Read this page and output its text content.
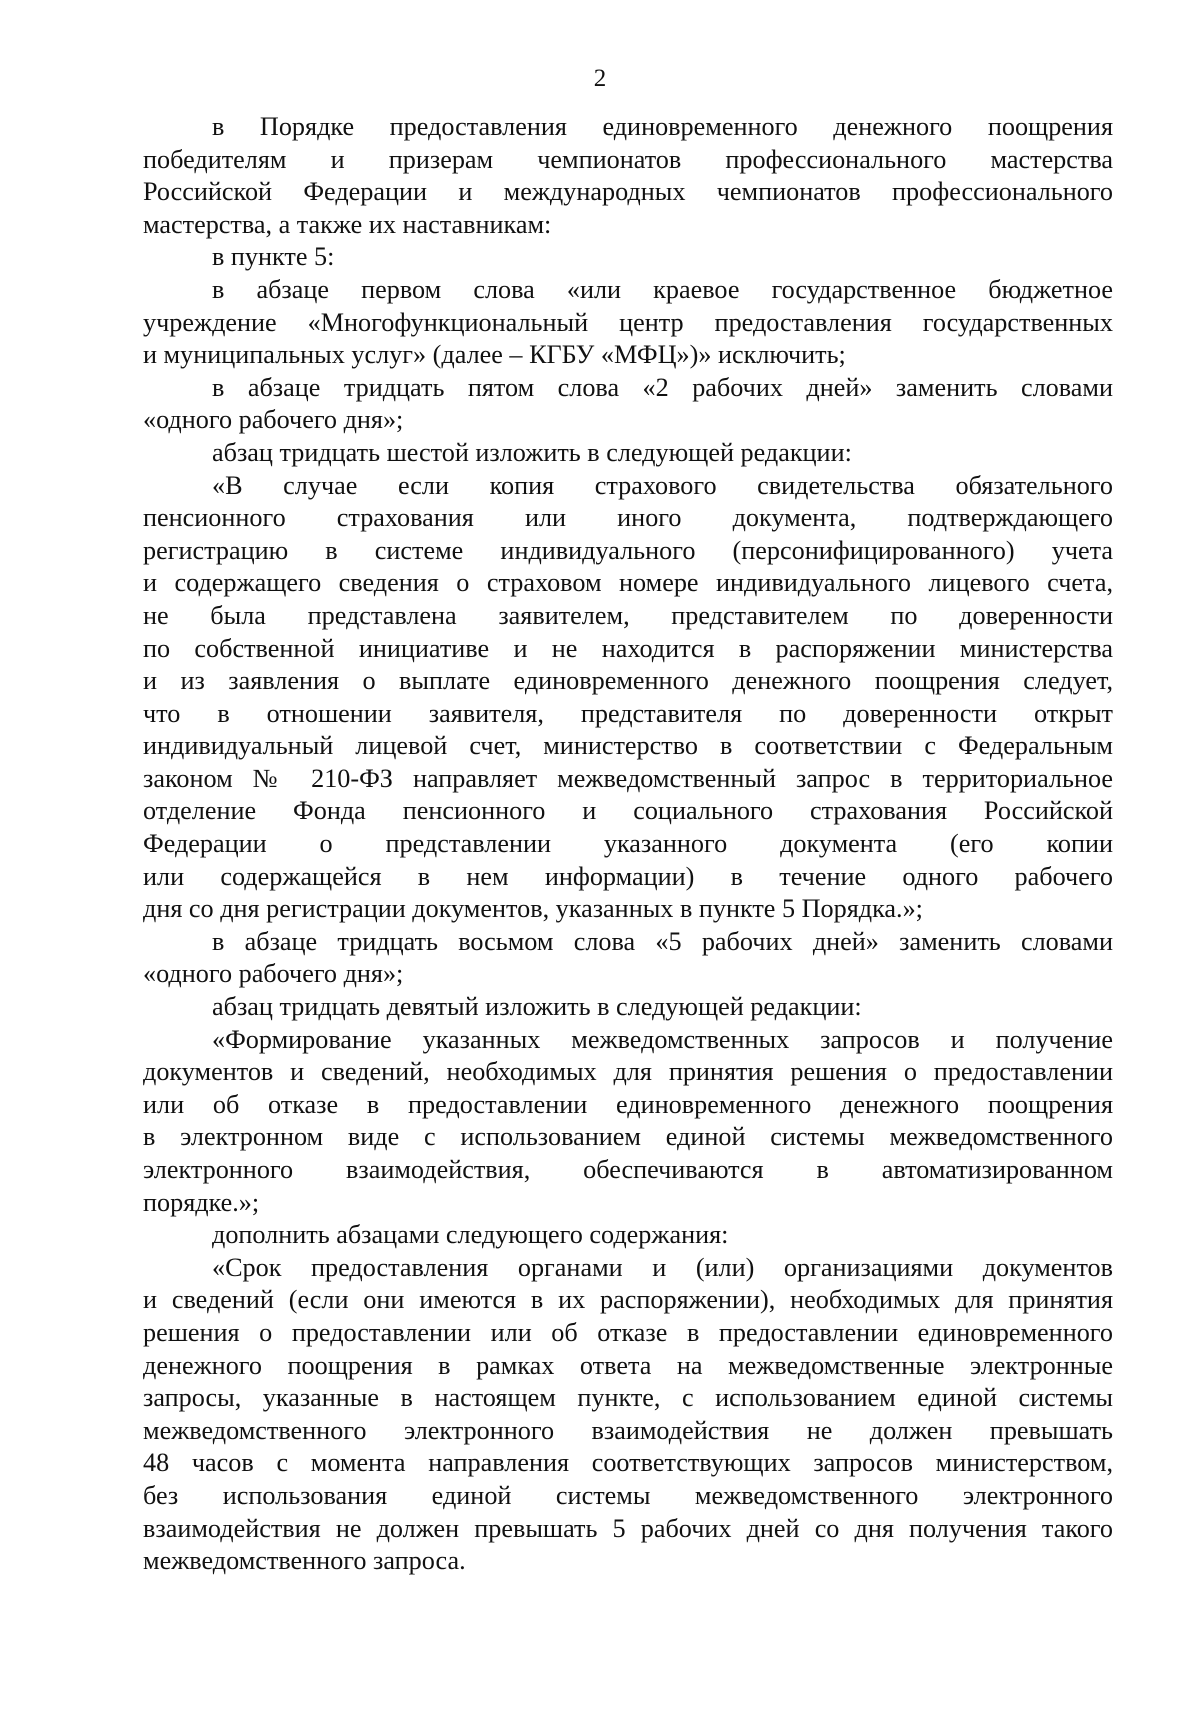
2
в Порядке предоставления единовременного денежного поощрения
победителям и призерам чемпионатов профессионального мастерства
Российской Федерации и международных чемпионатов профессионального
мастерства, а также их наставникам:
в пункте 5:
в абзаце первом слова «или краевое государственное бюджетное
учреждение «Многофункциональный центр предоставления государственных
и муниципальных услуг» (далее – КГБУ «МФЦ»)» исключить;
в абзаце тридцать пятом слова «2 рабочих дней» заменить словами
«одного рабочего дня»;
абзац тридцать шестой изложить в следующей редакции:
«В случае если копия страхового свидетельства обязательного
пенсионного страхования или иного документа, подтверждающего
регистрацию в системе индивидуального (персонифицированного) учета
и содержащего сведения о страховом номере индивидуального лицевого счета,
не была представлена заявителем, представителем по доверенности
по собственной инициативе и не находится в распоряжении министерства
и из заявления о выплате единовременного денежного поощрения следует,
что в отношении заявителя, представителя по доверенности открыт
индивидуальный лицевой счет, министерство в соответствии с Федеральным
законом № 210-ФЗ направляет межведомственный запрос в территориальное
отделение Фонда пенсионного и социального страхования Российской
Федерации о представлении указанного документа (его копии
или содержащейся в нем информации) в течение одного рабочего
дня со дня регистрации документов, указанных в пункте 5 Порядка.»;
в абзаце тридцать восьмом слова «5 рабочих дней» заменить словами
«одного рабочего дня»;
абзац тридцать девятый изложить в следующей редакции:
«Формирование указанных межведомственных запросов и получение
документов и сведений, необходимых для принятия решения о предоставлении
или об отказе в предоставлении единовременного денежного поощрения
в электронном виде с использованием единой системы межведомственного
электронного взаимодействия, обеспечиваются в автоматизированном
порядке.»;
дополнить абзацами следующего содержания:
«Срок предоставления органами и (или) организациями документов
и сведений (если они имеются в их распоряжении), необходимых для принятия
решения о предоставлении или об отказе в предоставлении единовременного
денежного поощрения в рамках ответа на межведомственные электронные
запросы, указанные в настоящем пункте, с использованием единой системы
межведомственного электронного взаимодействия не должен превышать
48 часов с момента направления соответствующих запросов министерством,
без использования единой системы межведомственного электронного
взаимодействия не должен превышать 5 рабочих дней со дня получения такого
межведомственного запроса.
